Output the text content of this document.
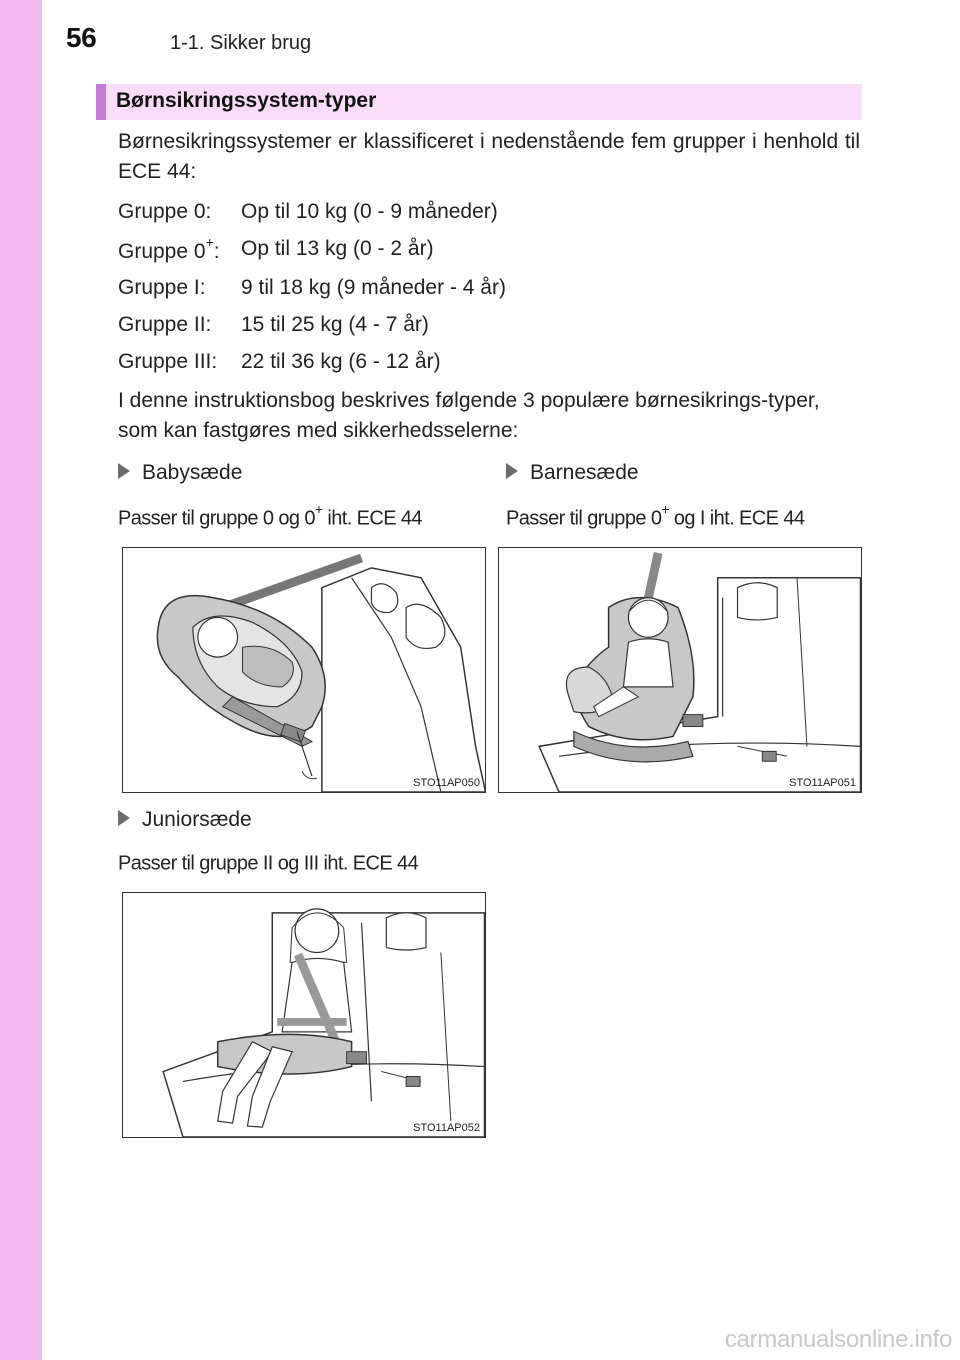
56	1-1. Sikker brug
Børnsikringssystem-typer
Børnesikringssystemer er klassificeret i nedenstående fem grupper i henhold til ECE 44:
Gruppe 0: Op til 10 kg (0 - 9 måneder)
Gruppe 0+: Op til 13 kg (0 - 2 år)
Gruppe I: 9 til 18 kg (9 måneder - 4 år)
Gruppe II: 15 til 25 kg (4 - 7 år)
Gruppe III: 22 til 36 kg (6 - 12 år)
I denne instruktionsbog beskrives følgende 3 populære børnesikrings-typer, som kan fastgøres med sikkerhedsselerne:
Babysæde
Passer til gruppe 0 og 0+ iht. ECE 44
STO11AP050
Barnesæde
Passer til gruppe 0+ og I iht. ECE 44
STO11AP051
Juniorsæde
Passer til gruppe II og III iht. ECE 44
STO11AP052
carmanualsonline.info
